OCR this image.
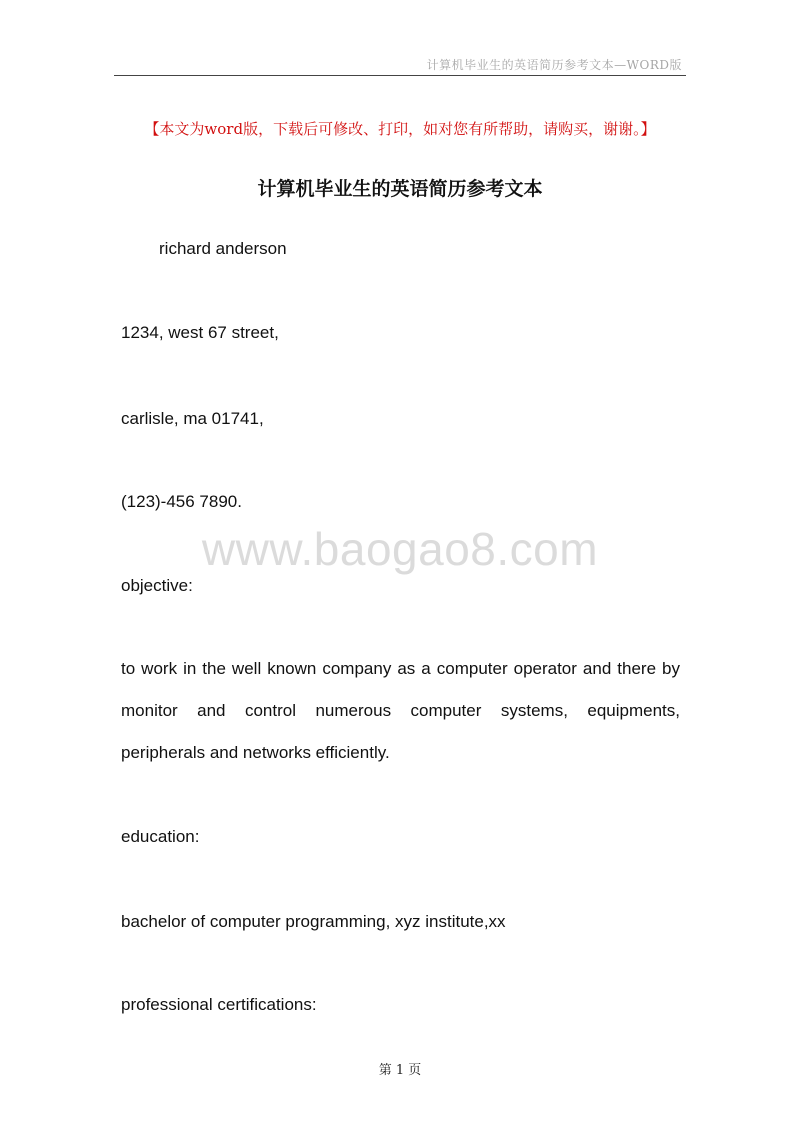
计算机毕业生的英语简历参考文本—WORD版
【本文为word版，下载后可修改、打印，如对您有所帮助，请购买，谢谢。】
计算机毕业生的英语简历参考文本
richard anderson
1234, west 67 street,
carlisle, ma 01741,
(123)-456 7890.
www.baogao8.com
objective:
to work in the well known company as a computer operator and there by monitor and control numerous computer systems, equipments, peripherals and networks efficiently.
education:
bachelor of computer programming, xyz institute,xx
professional certifications:
第 1 页
